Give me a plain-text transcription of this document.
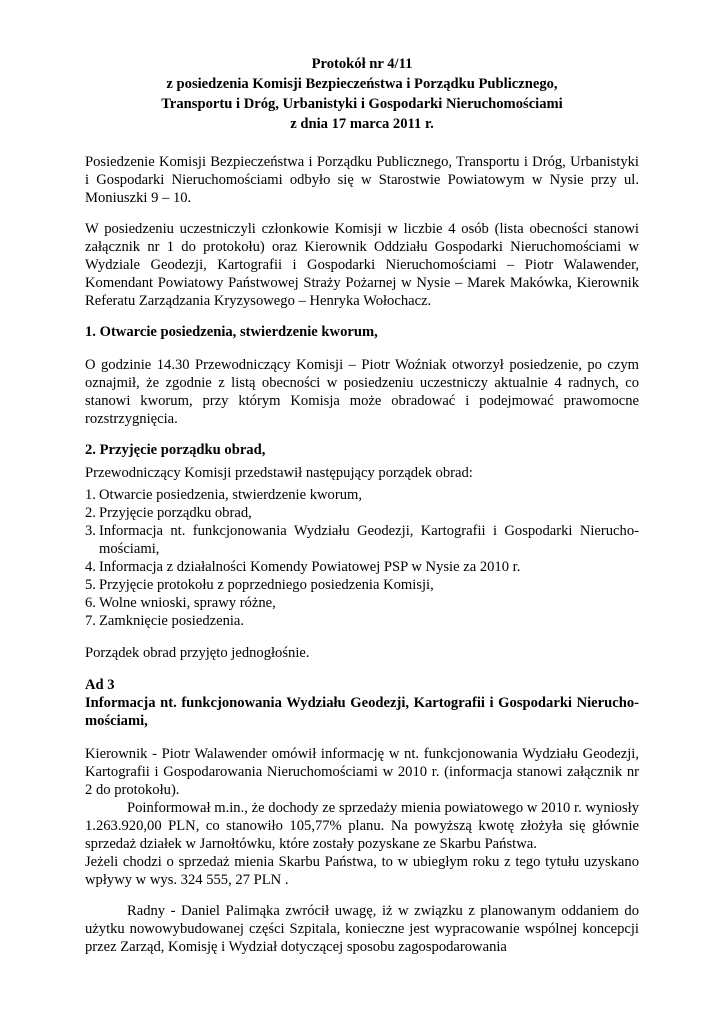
Protokół nr 4/11
z posiedzenia Komisji Bezpieczeństwa i Porządku Publicznego,
Transportu i Dróg, Urbanistyki i Gospodarki Nieruchomościami
z dnia 17 marca 2011 r.

Posiedzenie Komisji Bezpieczeństwa i Porządku Publicznego, Transportu i Dróg, Urbanistyki i Gospodarki Nieruchomościami odbyło się w Starostwie Powiatowym w Nysie przy ul. Moniuszki 9 – 10.

W posiedzeniu uczestniczyli członkowie Komisji w liczbie 4 osób (lista obecności stanowi załącznik nr 1 do protokołu) oraz Kierownik Oddziału Gospodarki Nieruchomościami w Wydziale Geodezji, Kartografii i Gospodarki Nieruchomościami – Piotr Walawender, Komendant Powiatowy Państwowej Straży Pożarnej w Nysie – Marek Makówka, Kierownik Referatu Zarządzania Kryzysowego – Henryka Wołochacz.

1. Otwarcie posiedzenia, stwierdzenie kworum,

O godzinie 14.30 Przewodniczący Komisji – Piotr Woźniak otworzył posiedzenie, po czym oznajmił, że zgodnie z listą obecności w posiedzeniu uczestniczy aktualnie 4 radnych, co stanowi kworum, przy którym Komisja może obradować i podejmować prawomocne rozstrzygnięcia.

2. Przyjęcie porządku obrad,

Przewodniczący Komisji przedstawił następujący porządek obrad:

1. Otwarcie posiedzenia, stwierdzenie kworum,
2. Przyjęcie porządku obrad,
3. Informacja nt. funkcjonowania Wydziału Geodezji, Kartografii i Gospodarki Nierucho-mościami,
4. Informacja z działalności Komendy Powiatowej PSP w Nysie za 2010 r.
5. Przyjęcie protokołu z poprzedniego posiedzenia Komisji,
6. Wolne wnioski, sprawy różne,
7. Zamknięcie posiedzenia.

Porządek obrad przyjęto jednogłośnie.

Ad 3

Informacja nt. funkcjonowania Wydziału Geodezji, Kartografii i Gospodarki Nierucho-mościami,

Kierownik - Piotr Walawender omówił informację w nt. funkcjonowania Wydziału Geodezji, Kartografii i Gospodarowania Nieruchomościami w 2010 r. (informacja stanowi załącznik nr 2 do protokołu).

Poinformował m.in., że dochody ze sprzedaży mienia powiatowego w 2010 r. wyniosły 1.263.920,00 PLN, co stanowiło 105,77% planu. Na powyższą kwotę złożyła się głównie sprzedaż działek w Jarnołtówku, które zostały pozyskane ze Skarbu Państwa.

Jeżeli chodzi o sprzedaż mienia Skarbu Państwa, to w ubiegłym roku z tego tytułu uzyskano wpływy w wys. 324 555, 27 PLN .

Radny - Daniel Palimąka zwrócił uwagę, iż w związku z planowanym oddaniem do użytku nowowybudowanej części Szpitala, konieczne jest wypracowanie wspólnej koncepcji przez Zarząd, Komisję i Wydział dotyczącej sposobu zagospodarowania
